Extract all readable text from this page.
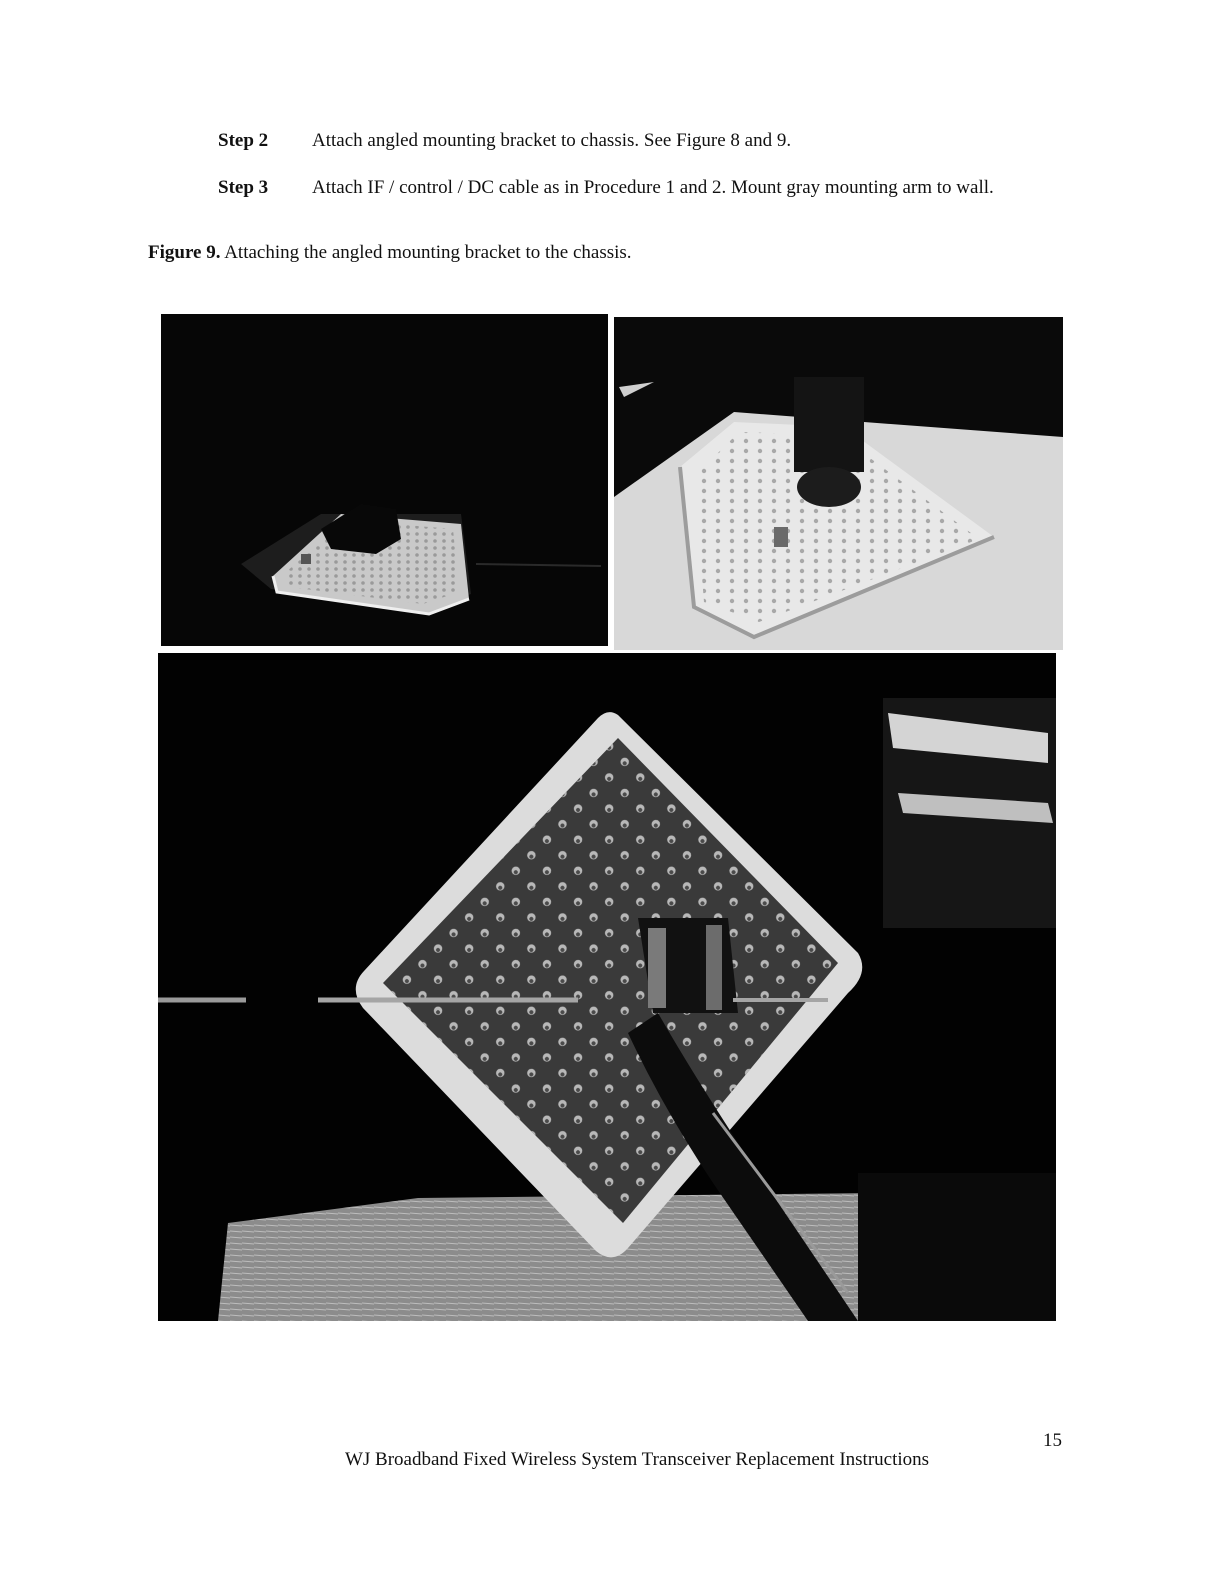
Step 2 Attach angled mounting bracket to chassis. See Figure 8 and 9.
Step 3 Attach IF / control / DC cable as in Procedure 1 and 2. Mount gray mounting arm to wall.
Figure 9. Attaching the angled mounting bracket to the chassis.
15
WJ Broadband Fixed Wireless System Transceiver Replacement Instructions
